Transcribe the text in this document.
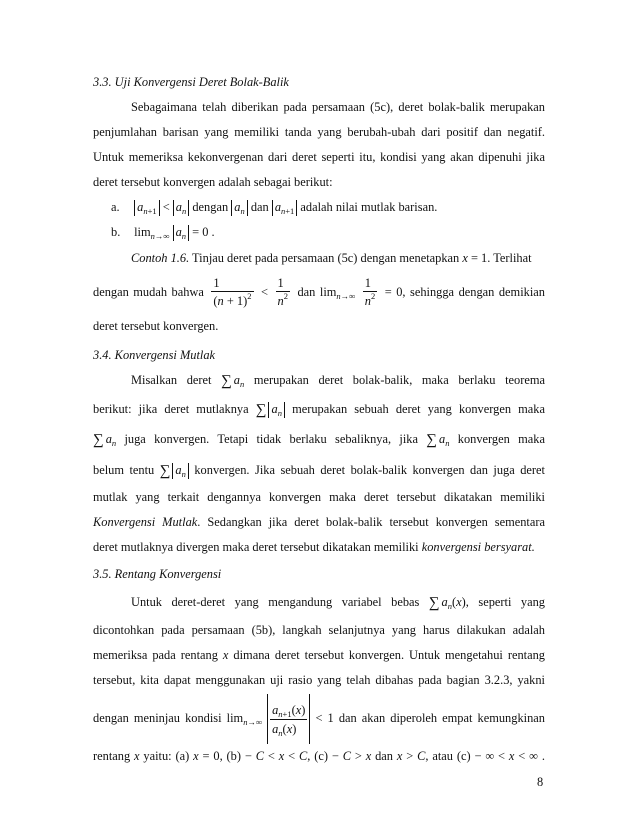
3.3. Uji Konvergensi Deret Bolak-Balik

Sebagaimana telah diberikan pada persamaan (5c), deret bolak-balik merupakan penjumlahan barisan yang memiliki tanda yang berubah-ubah dari positif dan negatif. Untuk memeriksa kekonvergenan dari deret seperti itu, kondisi yang akan dipenuhi jika deret tersebut konvergen adalah sebagai berikut:

a. $a_{n+1} < a_n$ dengan $a_n$ dan $a_{n+1}$ adalah nilai mutlak barisan.

b. $\lim_{n\to\infty} a_n = 0$ .

Contoh 1.6. Tinjau deret pada persamaan (5c) dengan menetapkan x = 1. Terlihat

dengan mudah bahwa $\frac{1}{(n + 1)^2} < \frac{1}{n^2}$ dan $\lim_{n\to\infty} \frac{1}{n^2} = 0$, sehingga dengan demikian

deret tersebut konvergen.

3.4. Konvergensi Mutlak

Misalkan deret ∑ $a_n$ merupakan deret bolak-balik, maka berlaku teorema

berikut: jika deret mutlaknya ∑ $a_n$ merupakan sebuah deret yang konvergen maka

∑ $a_n$ juga konvergen. Tetapi tidak berlaku sebaliknya, jika ∑ $a_n$ konvergen maka

belum tentu ∑ $a_n$ konvergen. Jika sebuah deret bolak-balik konvergen dan juga deret

mutlak yang terkait dengannya konvergen maka deret tersebut dikatakan memiliki

Konvergensi Mutlak. Sedangkan jika deret bolak-balik tersebut konvergen sementara

deret mutlaknya divergen maka deret tersebut dikatakan memiliki konvergensi bersyarat.

3.5. Rentang Konvergensi

Untuk deret-deret yang mengandung variabel bebas ∑ $a_n(x)$, seperti yang

dicontohkan pada persamaan (5b), langkah selanjutnya yang harus dilakukan adalah

memeriksa pada rentang x dimana deret tersebut konvergen. Untuk mengetahui rentang

tersebut, kita dapat menggunakan uji rasio yang telah dibahas pada bagian 3.2.3, yakni

dengan meninjau kondisi $\lim_{n\to\infty} \frac{a_{n+1}(x)}{a_n(x)} < 1$ dan akan diperoleh empat kemungkinan

rentang x yaitu: (a) x = 0, (b) − C < x < C, (c) − C > x dan x > C, atau (c) − ∞ < x < ∞ .

8
